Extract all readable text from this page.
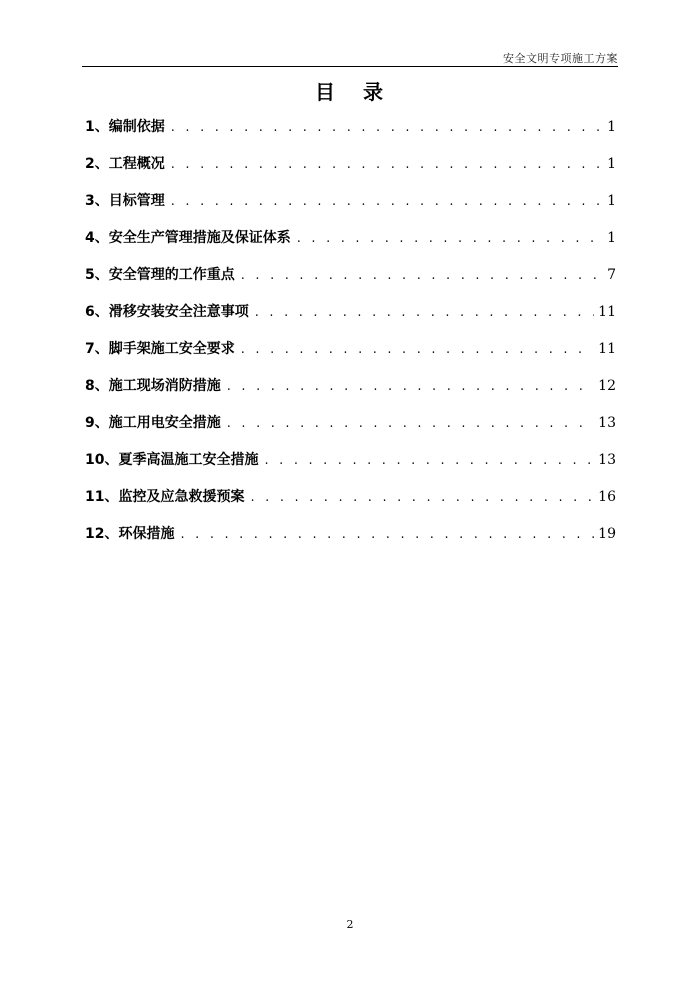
安全文明专项施工方案
目 录
1、编制依据 . . .	1
2、工程概况 . . .	1
3、目标管理 . . .	1
4、安全生产管理措施及保证体系 . . .	1
5、安全管理的工作重点 . . .	7
6、滑移安装安全注意事项 . . .	11
7、脚手架施工安全要求 . . .	11
8、施工现场消防措施 . . .	12
9、施工用电安全措施 . . .	13
10、夏季高温施工安全措施 . . .	13
11、监控及应急救援预案 . . .	16
12、环保措施 . . .	19
2
